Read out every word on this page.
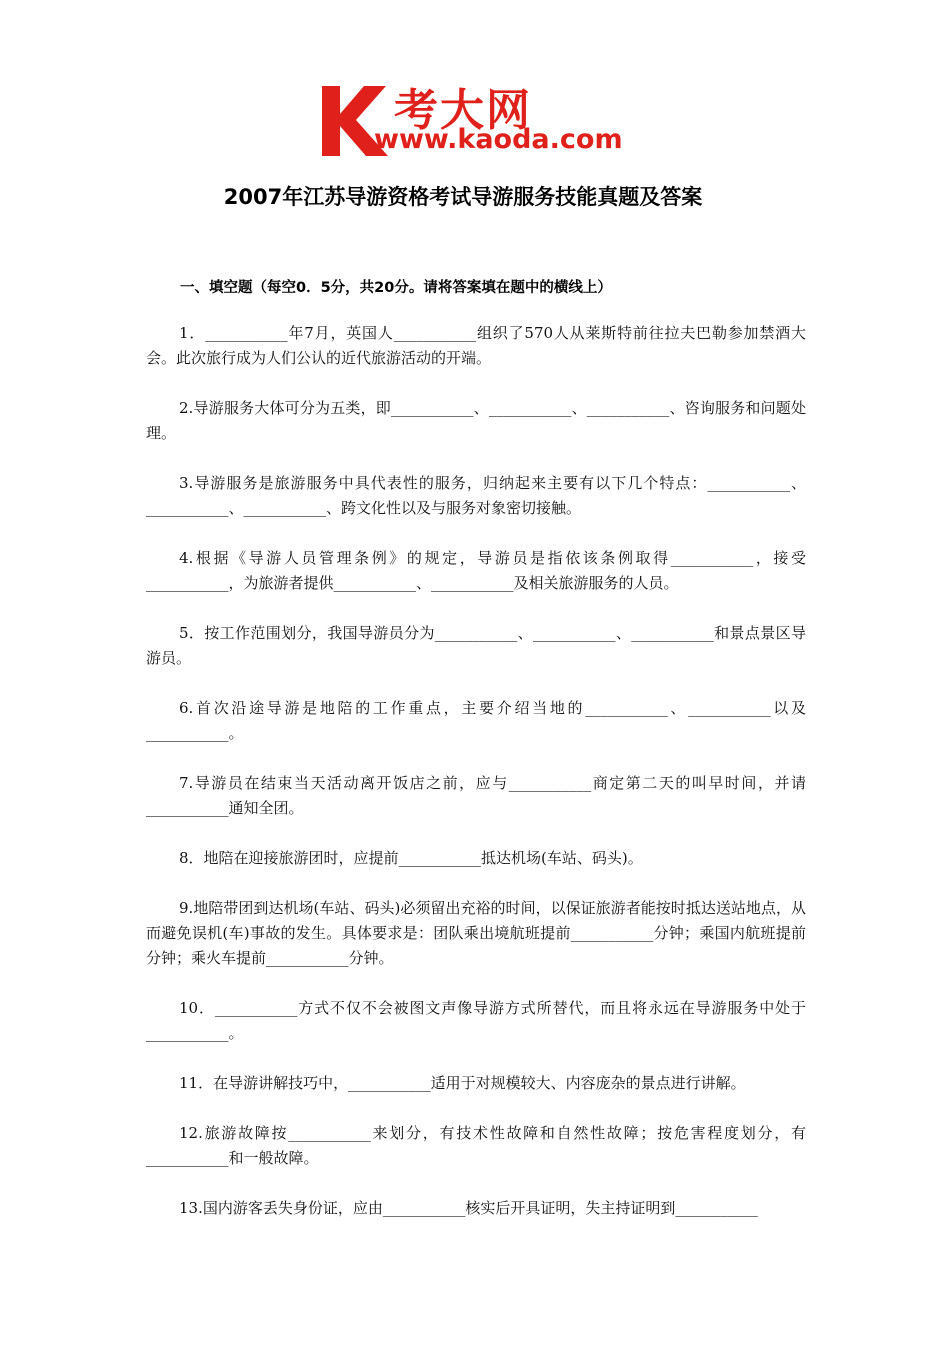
考大网
www.kaoda.com
2007年江苏导游资格考试导游服务技能真题及答案
一、填空题（每空0．5分，共20分。请将答案填在题中的横线上）

1．___________年7月，英国人___________组织了570人从莱斯特前往拉夫巴勒参加禁酒大会。此次旅行成为人们公认的近代旅游活动的开端。

2.导游服务大体可分为五类，即___________、___________、___________、咨询服务和问题处理。

3.导游服务是旅游服务中具代表性的服务，归纳起来主要有以下几个特点：___________、___________、___________、跨文化性以及与服务对象密切接触。

4.根据《导游人员管理条例》的规定，导游员是指依该条例取得___________，接受___________，为旅游者提供___________、___________及相关旅游服务的人员。

5．按工作范围划分，我国导游员分为___________、___________、___________和景点景区导游员。

6.首次沿途导游是地陪的工作重点，主要介绍当地的___________、___________以及___________。

7.导游员在结束当天活动离开饭店之前，应与___________商定第二天的叫早时间，并请___________通知全团。

8．地陪在迎接旅游团时，应提前___________抵达机场(车站、码头)。

9.地陪带团到达机场(车站、码头)必须留出充裕的时间，以保证旅游者能按时抵达送站地点，从而避免误机(车)事故的发生。具体要求是：团队乘出境航班提前___________分钟；乘国内航班提前分钟；乘火车提前___________分钟。

10．___________方式不仅不会被图文声像导游方式所替代，而且将永远在导游服务中处于___________。

11．在导游讲解技巧中，___________适用于对规模较大、内容庞杂的景点进行讲解。

12.旅游故障按___________来划分，有技术性故障和自然性故障；按危害程度划分，有___________和一般故障。

13.国内游客丢失身份证，应由___________核实后开具证明，失主持证明到___________
